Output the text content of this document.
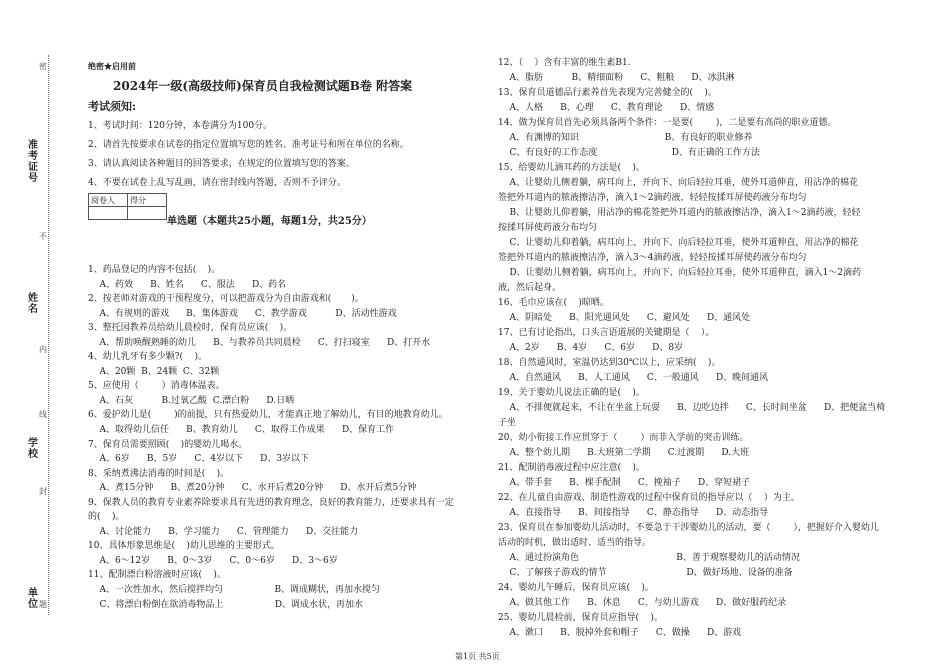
准考证号
姓名
学校
单位
密
不
内
线
封
题
绝密★启用前
2024年一级(高级技师)保育员自我检测试题B卷 附答案
考试须知:
1、考试时间：120分钟，本卷满分为100分。
2、请首先按要求在试卷的指定位置填写您的姓名、准考证号和所在单位的名称。
3、请认真阅读各种题目的回答要求，在规定的位置填写您的答案。
4、不要在试卷上乱写乱画，请在密封线内答题，否则不予评分。
阅卷人	得分

单选题（本题共25小题，每题1分，共25分）
1、药品登记的内容不包括(    )。
A、药效      B、姓名      C、服法      D、药名
2、按老师对游戏的干预程度分，可以把游戏分为自由游戏和(       )。
A、有规则的游戏      B、集体游戏      C、教学游戏          D、活动性游戏
3、整托园教养员给幼儿晨检时，保育员应该(    )。
A、帮助唤醒熟睡的幼儿      B、与教养员共同晨检      C、打扫寝室      D、打开水
4、幼儿乳牙有多少颗?(    )。
A、20颗  B、24颗  C、32颗
5、应使用（        ）消毒体温表。
A、石灰          B.过氧乙酸  C.漂白粉      D.日晒
6、爱护幼儿是(        )的前提，只有热爱幼儿，才能真正地了解幼儿，有目的地教育幼儿。
A、取得幼儿信任      B、教育幼儿      C、取得工作成果      D、保育工作
7、保育员需要照顾(    )的婴幼儿喝水。
A、6岁      B、5岁      C、4岁以下      D、3岁以下
8、采纳煮沸法消毒的时间是(    )。
A、煮15分钟      B、煮20分钟      C、水开后煮20分钟      D、水开后煮5分钟
9、保教人员的教育专业素养除要求具有先进的教育理念，良好的教育能力，还要求具有一定
的(    )。
A、讨论能力      B、学习能力      C、管理能力      D、交往能力
10、具体形象思维是(    )幼儿思维的主要形式。
A、6～12岁      B、0～3岁      C、0～6岁      D、3～6岁
11、配制漂白粉溶液时应该(    )。
A、一次性加水，然后搅拌均匀                  B、调成糊状，再加水搅匀
C、将漂白粉倒在欲消毒物品上                  D、调成水状，再加水
12、（    ）含有丰富的维生素B1.
A、脂肪          B、精细面粉      C、粗粮      D、冰淇淋
13、保育员道德品行素养首先表现为完善健全的(    )。
A、人格      B、心理      C、教育理论      D、情感
14、做为保育员首先必须具备两个条件：一是要(        )，二是要有高尚的职业道德。
A、有渊博的知识                              B、有良好的职业修养
C、有良好的工作态度                          D、有正确的工作方法
15、给婴幼儿滴耳药的方法是(    )。
A、让婴幼儿侧着躺，病耳向上，并向下、向后轻拉耳垂，使外耳道伸直，用沾净的棉花
签把外耳道内的脓液擦洁净，滴入1～2滴药液，轻轻按揉耳屏使药液分布均匀
B、让婴幼儿仰着躺，用沾净的棉花签把外耳道内的脓液擦洁净，滴入1～2滴药液，轻轻
按揉耳屏使药液分布均匀
C、让婴幼儿仰着躺，病耳向上，并向下、向后轻拉耳垂，使外耳道伸直，用沾净的棉花
签把外耳道内的脓液擦洁净，滴入3～4滴药液，轻轻按揉耳屏使药液分布均匀
D、让婴幼儿侧着躺，病耳向上，并向下、向后轻拉耳垂，使外耳道伸直，滴入1～2滴药
液，然后起身。
16、毛巾应该在(    )晾晒。
A、阴暗处      B、阳光通风处      C、避风处      D、通风处
17、已有讨论指出，口头言语道展的关键期是（    ）。
A、2岁      B、4岁      C、6岁      D、8岁
18、自然通风时，室温仍达到30℃以上，应采纳(    )。
A、自然通风      B、人工通风      C、一般通风      D、晚间通风
19、关于婴幼儿说法正确的是(    )。
A、不排便就起来，不让在坐盆上玩耍      B、边吃边拌      C、长时间坐盆      D、把便盆当椅
子坐
20、幼小衔接工作应贯穿于（        ）而非入学前的突击训练。
A、整个幼儿期      B.大班第二学期      C.过渡期      D.大班
21、配制消毒液过程中应注意(    )。
A、带手套      B、棵手配制      C、挽袖子      D、穿短裙子
22、在儿童自由游戏、制造性游戏的过程中保育员的指导应以（    ）为主。
A、直接指导      B、间接指导      C、静态指导      D、动态指导
23、保育员在参加婴幼儿活动时，不要急于干涉婴幼儿的活动，要（        ），把握好介入婴幼儿
活动的时机，做出适时、适当的指导。
A、通过扮演角色                                  B、善于观察婴幼儿的活动情况
C、了解孩子游戏的情节                            D、做好场地、设备的准备
24、婴幼儿午睡后，保育员应该(    )。
A、做其他工作      B、休息      C、与幼儿游戏      D、做好服药纪录
25、婴幼儿晨检前，保育员应指导(    )。
A、漱口      B、脱掉外套和帽子      C、做操      D、游戏
第1页 共5页
